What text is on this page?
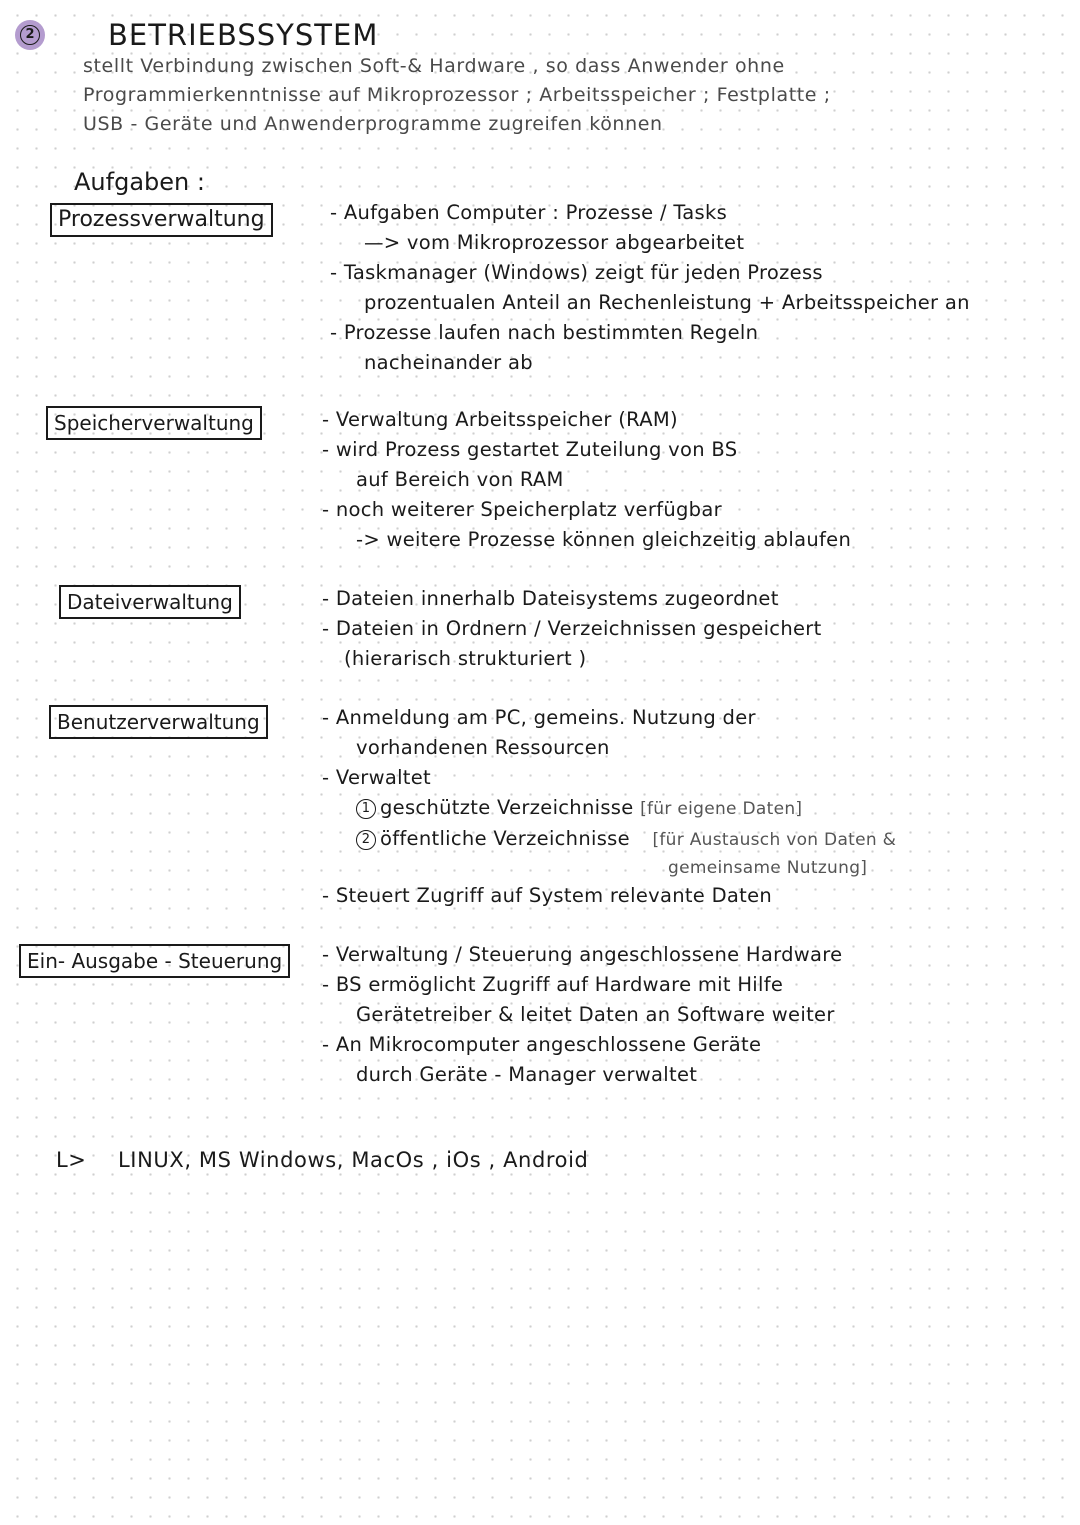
2	BETRIEBSSYSTEM
stellt Verbindung zwischen Soft-& Hardware , so dass Anwender ohne
Programmierkenntnisse auf Mikroprozessor ; Arbeitsspeicher ; Festplatte ;
USB - Geräte und Anwenderprogramme zugreifen können
Aufgaben :
Prozessverwaltung	- Aufgaben Computer : Prozesse / Tasks
—> vom Mikroprozessor abgearbeitet
- Taskmanager (Windows) zeigt für jeden Prozess
prozentualen Anteil an Rechenleistung + Arbeitsspeicher an
- Prozesse laufen nach bestimmten Regeln
nacheinander ab
Speicherverwaltung	- Verwaltung Arbeitsspeicher (RAM)
- wird Prozess gestartet Zuteilung von BS
auf Bereich von RAM
- noch weiterer Speicherplatz verfügbar
-> weitere Prozesse können gleichzeitig ablaufen
Dateiverwaltung	- Dateien innerhalb Dateisystems zugeordnet
- Dateien in Ordnern / Verzeichnissen gespeichert
(hierarisch strukturiert )
Benutzerverwaltung	- Anmeldung am PC, gemeins. Nutzung der
vorhandenen Ressourcen
- Verwaltet
1 geschützte Verzeichnisse [für eigene Daten]
2 öffentliche Verzeichnisse [für Austausch von Daten &
gemeinsame Nutzung]
- Steuert Zugriff auf System relevante Daten
Ein- Ausgabe - Steuerung	- Verwaltung / Steuerung angeschlossene Hardware
- BS ermöglicht Zugriff auf Hardware mit Hilfe
Gerätetreiber & leitet Daten an Software weiter
- An Mikrocomputer angeschlossene Geräte
durch Geräte - Manager verwaltet
L> LINUX, MS Windows, MacOs , iOs , Android
